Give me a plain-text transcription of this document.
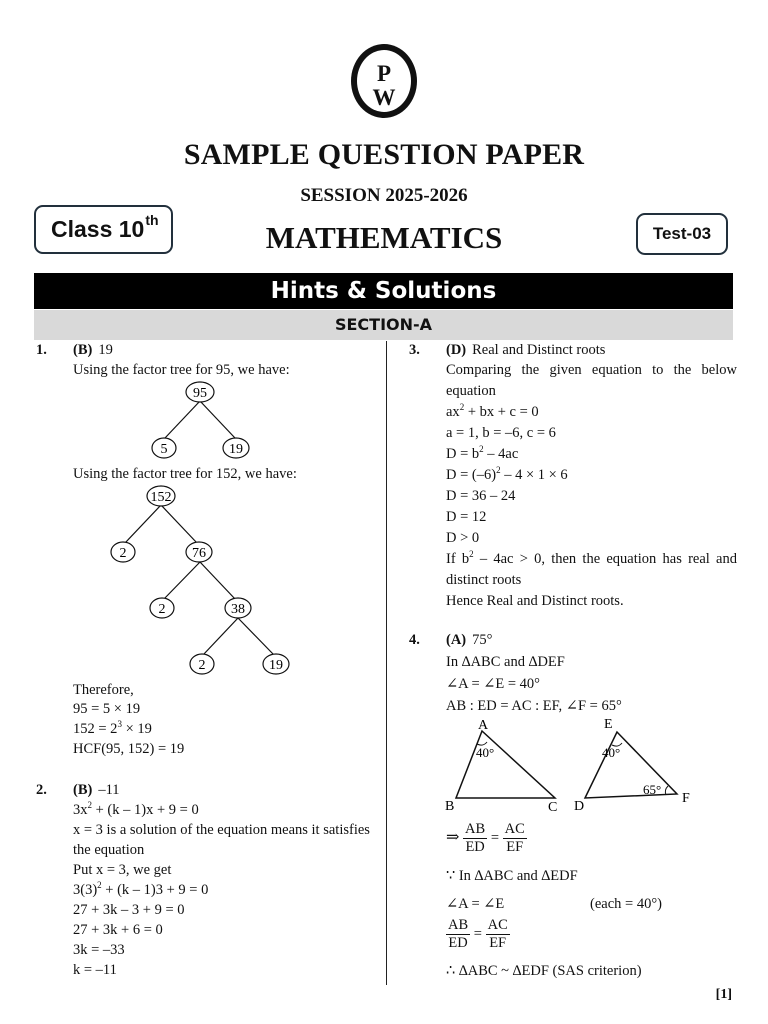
P
W
SAMPLE QUESTION PAPER
SESSION 2025-2026
MATHEMATICS
Class 10th
Test-03
Hints & Solutions
SECTION-A
1. (B) 19
Using the factor tree for 95, we have:
95
5	19
Using the factor tree for 152, we have:
152
2	76
2	38
2	19
Therefore,
95 = 5 × 19
$152 = 2^3 \times 19$
HCF(95, 152) = 19
2. (B) –11
$3x^2 + (k - 1)x + 9 = 0$
x = 3 is a solution of the equation means it satisfies
the equation
Put x = 3, we get
$3(3)^2 + (k - 1)3 + 9 = 0$
27 + 3k – 3 + 9 = 0
27 + 3k + 6 = 0
3k = –33
k = –11
3. (D) Real and Distinct roots
Comparing the given equation to the below
equation
$ax^2$ + bx + c = 0
a = 1, b = –6, c = 6
$D = b^2 - 4ac$
$D = (-6)^2 - 4 \times 1 \times 6$
D = 36 – 24
D = 12
D > 0
If $b^2 - 4ac > 0$, then the equation has real and
distinct roots
Hence Real and Distinct roots.
4. (A) 75°
In ∆ABC and ∆DEF
∠A = ∠E = 40°
AB : ED = AC : EF, ∠F = 65°
A
B	C D
E
F
40°	40°
65°
⇒ $\frac{AB}{ED} = \frac{AC}{EF}$
∵ In ∆ABC and ∆EDF
∠A = ∠E	(each = 40°)
$\frac{AB}{ED} = \frac{AC}{EF}$
∴ ∆ABC ~ ∆EDF (SAS criterion)
[1]
